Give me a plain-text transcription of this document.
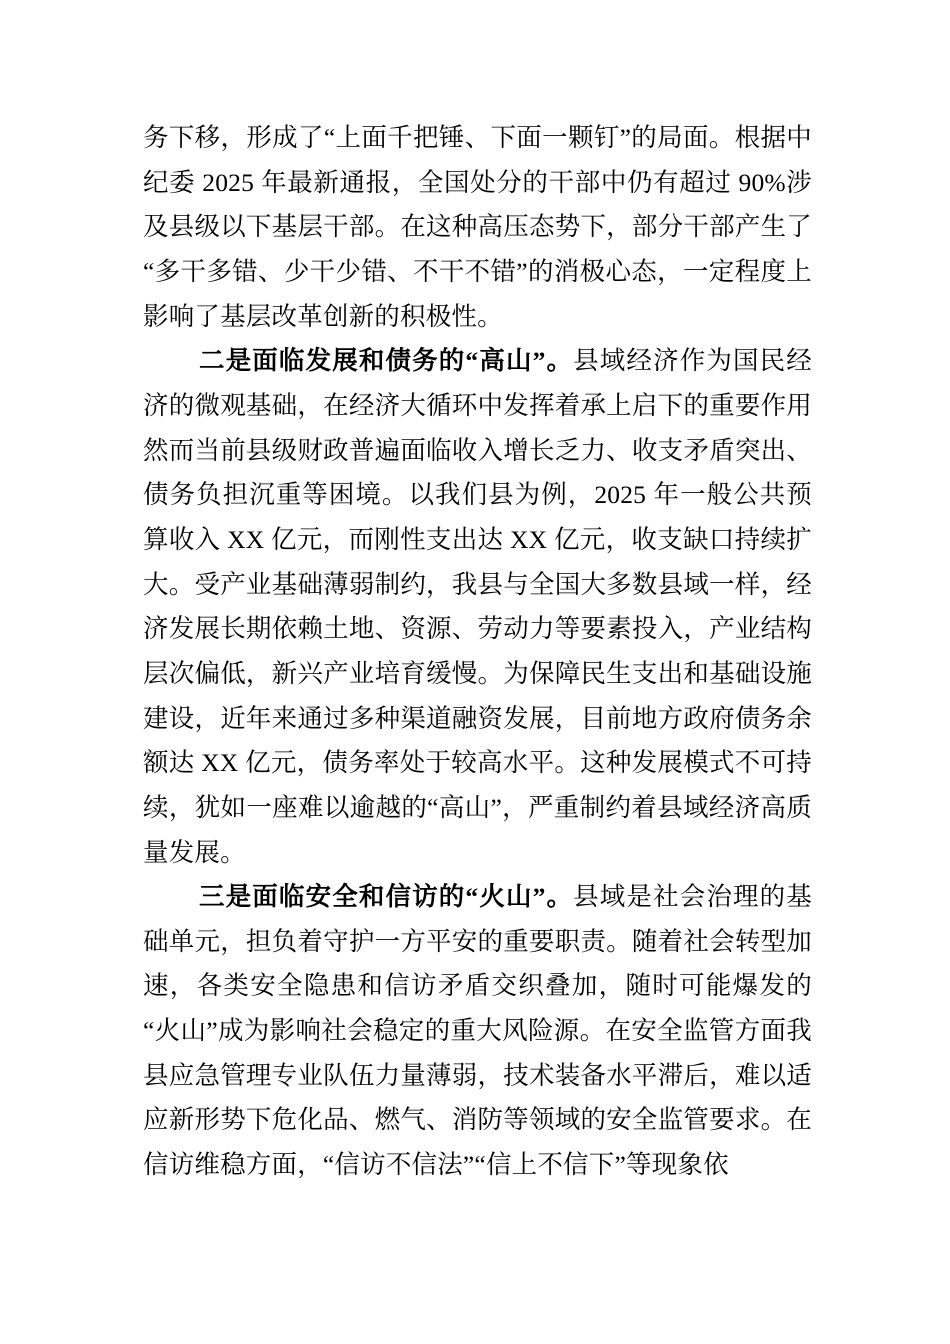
务下移，形成了“上面千把锤、下面一颗钉”的局面。根据中纪委 2025 年最新通报，全国处分的干部中仍有超过 90%涉及县级以下基层干部。在这种高压态势下，部分干部产生了“多干多错、少干少错、不干不错”的消极心态，一定程度上影响了基层改革创新的积极性。

二是面临发展和债务的“高山”。县域经济作为国民经济的微观基础，在经济大循环中发挥着承上启下的重要作用然而当前县级财政普遍面临收入增长乏力、收支矛盾突出、债务负担沉重等困境。以我们县为例，2025 年一般公共预算收入 XX 亿元，而刚性支出达 XX 亿元，收支缺口持续扩大。受产业基础薄弱制约，我县与全国大多数县域一样，经济发展长期依赖土地、资源、劳动力等要素投入，产业结构层次偏低，新兴产业培育缓慢。为保障民生支出和基础设施建设，近年来通过多种渠道融资发展，目前地方政府债务余额达 XX 亿元，债务率处于较高水平。这种发展模式不可持续，犹如一座难以逾越的“高山”，严重制约着县域经济高质量发展。

三是面临安全和信访的“火山”。县域是社会治理的基础单元，担负着守护一方平安的重要职责。随着社会转型加速，各类安全隐患和信访矛盾交织叠加，随时可能爆发的“火山”成为影响社会稳定的重大风险源。在安全监管方面我县应急管理专业队伍力量薄弱，技术装备水平滞后，难以适应新形势下危化品、燃气、消防等领域的安全监管要求。在信访维稳方面，“信访不信法”“信上不信下”等现象依
